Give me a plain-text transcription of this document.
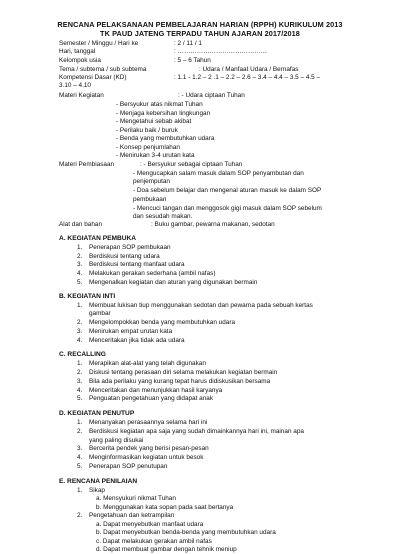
RENCANA PELAKSANAAN PEMBELAJARAN HARIAN (RPPH) KURIKULUM 2013
TK PAUD JATENG TERPADU TAHUN AJARAN 2017/2018
Semester / Minggu / Hari ke	: 2 / 11 / 1
Hari, tanggal	: ……………………………………
Kelompok usia	: 5 – 6 Tahun
Tema / subtema / sub subtema	: Udara / Manfaat Udara / Bernafas
Kompetensi Dasar (KD)	: 1.1 - 1.2 – 2 .1 – 2.2 – 2.6 – 3.4 – 4.4 – 3.5 – 4.5 –
3.10 – 4.10
Materi Kegiatan	: - Udara ciptaan Tuhan
- Bersyukur atas nikmat Tuhan
- Menjaga kebersihan lingkungan
- Mengetahui sebab akibat
- Perilaku baik / buruk
- Benda yang membutuhkan udara
- Konsep penjumlahan
- Menirukan 3-4 urutan kata
Materi Pembiasaan	: - Bersyukur sebagai ciptaan Tuhan
- Mengucapkan salam masuk dalam SOP penyambutan dan
penjemputan
- Doa sebelum belajar dan mengenal aturan masuk ke dalam SOP
pembukaan
- Mencuci tangan dan menggosok gigi masuk dalam SOP sebelum
dan sesudah makan.
Alat dan bahan	: Buku gambar, pewarna makanan, sedotan
A. KEGIATAN PEMBUKA
1. Penerapan SOP pembukaan
2. Berdiskusi tentang udara
3. Berdiskusi tentang manfaat udara
4. Melakukan gerakan sederhana (ambil nafas)
5. Mengenalkan kegiatan dan aturan yang digunakan bermain
B. KEGIATAN INTI
1. Membuat lukisan tiup menggunakan sedotan dan pewarna pada sebuah kertas
gambar
2. Mengelompokkan benda yang membutuhkan udara
3. Menirukan empat urutan kata
4. Menceritakan jika tidak ada udara
C. RECALLING
1. Merapikan alat-alat yang telah digunakan
2. Diskusi tentang perasaan diri selama melakukan kegiatan bermain
3. Bila ada perilaku yang kurang tepat harus didiskusikan bersama
4. Menceritakan dan menunjukkan hasil karyanya
5. Penguatan pengetahuan yang didapat anak
D. KEGIATAN PENUTUP
1. Menanyakan perasaannya selama hari ini
2. Berdiskusi kegiatan apa saja yang sudah dimainkannya hari ini, mainan apa
yang paling disukai
3. Bercerita pendek yang berisi pesan-pesan
4. Menginformasikan kegiatan untuk besok
5. Penerapan SOP penutupan
E. RENCANA PENILAIAN
1. Sikap
a. Mensyukuri nikmat Tuhan
b. Menggunakan kata sopan pada saat bertanya
2. Pengetahuan dan ketrampilan
a. Dapat menyebutkan manfaat udara
b. Dapat menyebutkan benda-benda yang membutuhkan udara
c. Dapat melakukan gerakan ambil nafas
d. Dapat membuat gambar dengan tehnik meniup
